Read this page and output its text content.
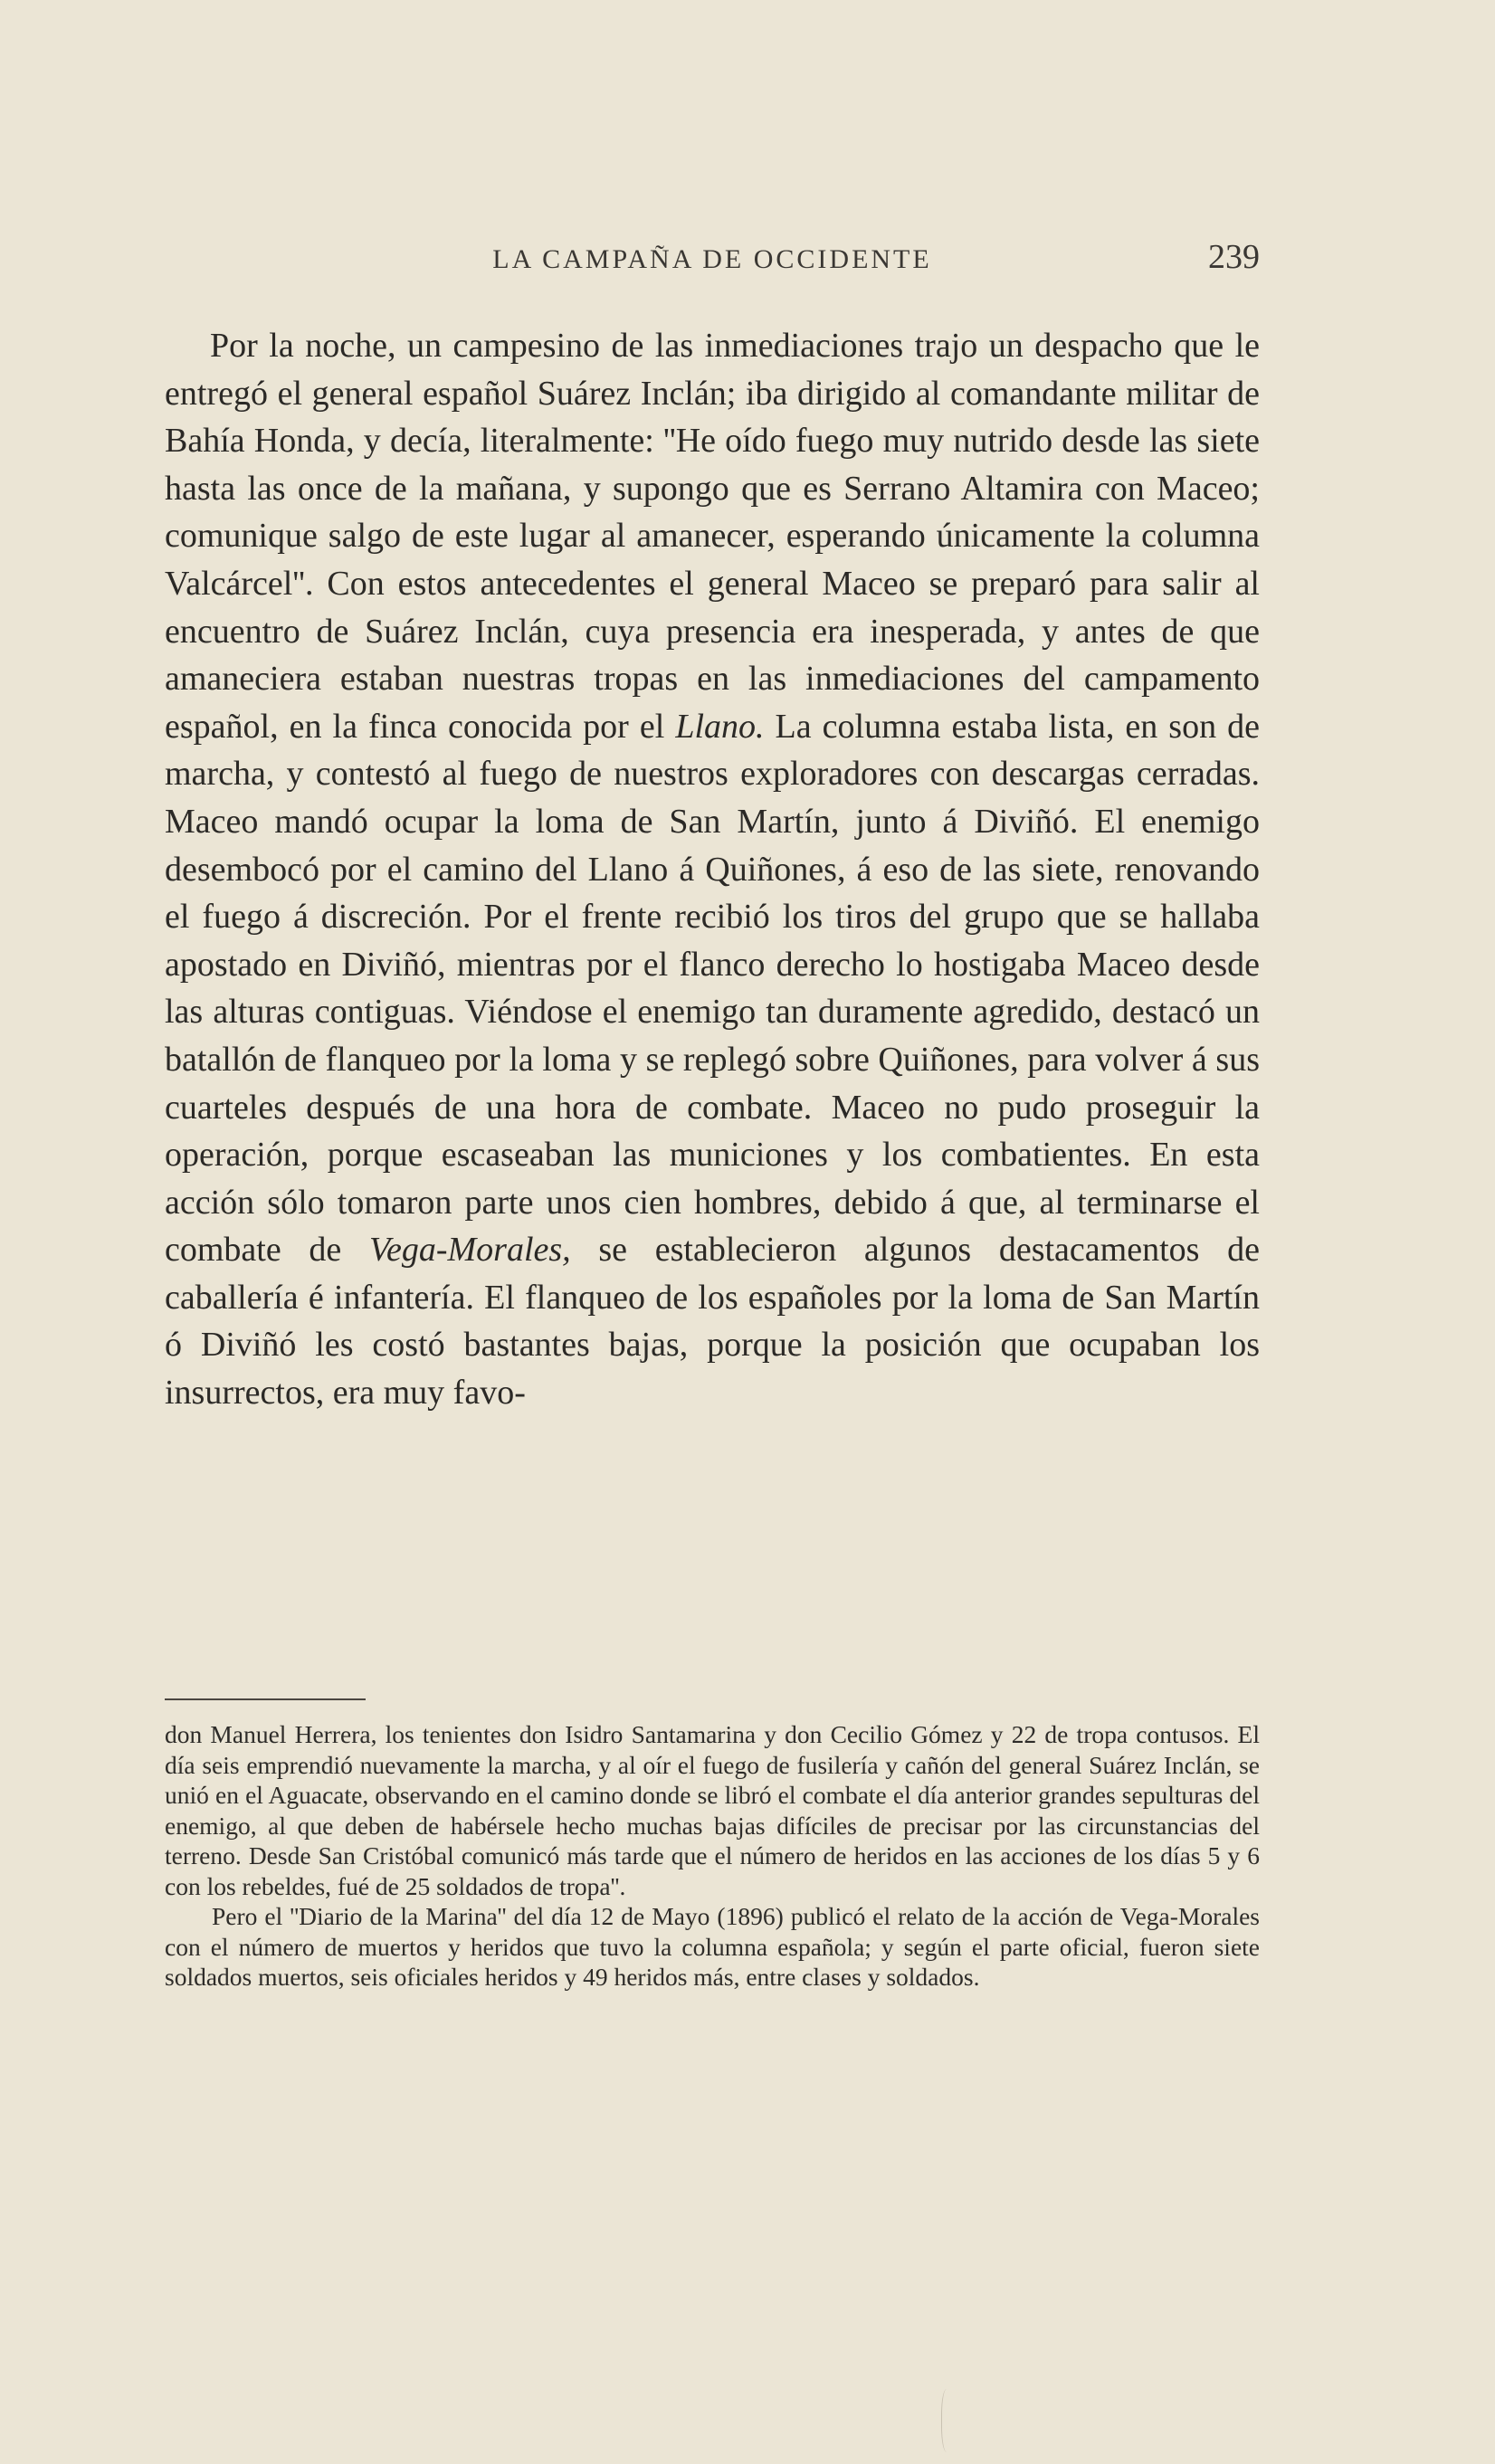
LA CAMPAÑA DE OCCIDENTE	239

Por la noche, un campesino de las inmediaciones trajo un despacho que le entregó el general español Suárez Inclán; iba dirigido al comandante militar de Bahía Honda, y decía, literalmente: ''He oído fuego muy nutrido desde las siete hasta las once de la mañana, y supongo que es Serrano Altamira con Maceo; comunique salgo de este lugar al amanecer, esperando únicamente la columna Valcárcel''. Con estos antecedentes el general Maceo se preparó para salir al encuentro de Suárez Inclán, cuya presencia era inesperada, y antes de que amaneciera estaban nuestras tropas en las inmediaciones del campamento español, en la finca conocida por el Llano. La columna estaba lista, en son de marcha, y contestó al fuego de nuestros exploradores con descargas cerradas. Maceo mandó ocupar la loma de San Martín, junto á Diviñó. El enemigo desembocó por el camino del Llano á Quiñones, á eso de las siete, renovando el fuego á discreción. Por el frente recibió los tiros del grupo que se hallaba apostado en Diviñó, mientras por el flanco derecho lo hostigaba Maceo desde las alturas contiguas. Viéndose el enemigo tan duramente agredido, destacó un batallón de flanqueo por la loma y se replegó sobre Quiñones, para volver á sus cuarteles después de una hora de combate. Maceo no pudo proseguir la operación, porque escaseaban las municiones y los combatientes. En esta acción sólo tomaron parte unos cien hombres, debido á que, al terminarse el combate de Vega-Morales, se establecieron algunos destacamentos de caballería é infantería. El flanqueo de los españoles por la loma de San Martín ó Diviñó les costó bastantes bajas, porque la posición que ocupaban los insurrectos, era muy favo-

don Manuel Herrera, los tenientes don Isidro Santamarina y don Cecilio Gómez y 22 de tropa contusos. El día seis emprendió nuevamente la marcha, y al oír el fuego de fusilería y cañón del general Suárez Inclán, se unió en el Aguacate, observando en el camino donde se libró el combate el día anterior grandes sepulturas del enemigo, al que deben de habérsele hecho muchas bajas difíciles de precisar por las circunstancias del terreno. Desde San Cristóbal comunicó más tarde que el número de heridos en las acciones de los días 5 y 6 con los rebeldes, fué de 25 soldados de tropa''.

Pero el ''Diario de la Marina'' del día 12 de Mayo (1896) publicó el relato de la acción de Vega-Morales con el número de muertos y heridos que tuvo la columna española; y según el parte oficial, fueron siete soldados muertos, seis oficiales heridos y 49 heridos más, entre clases y soldados.
